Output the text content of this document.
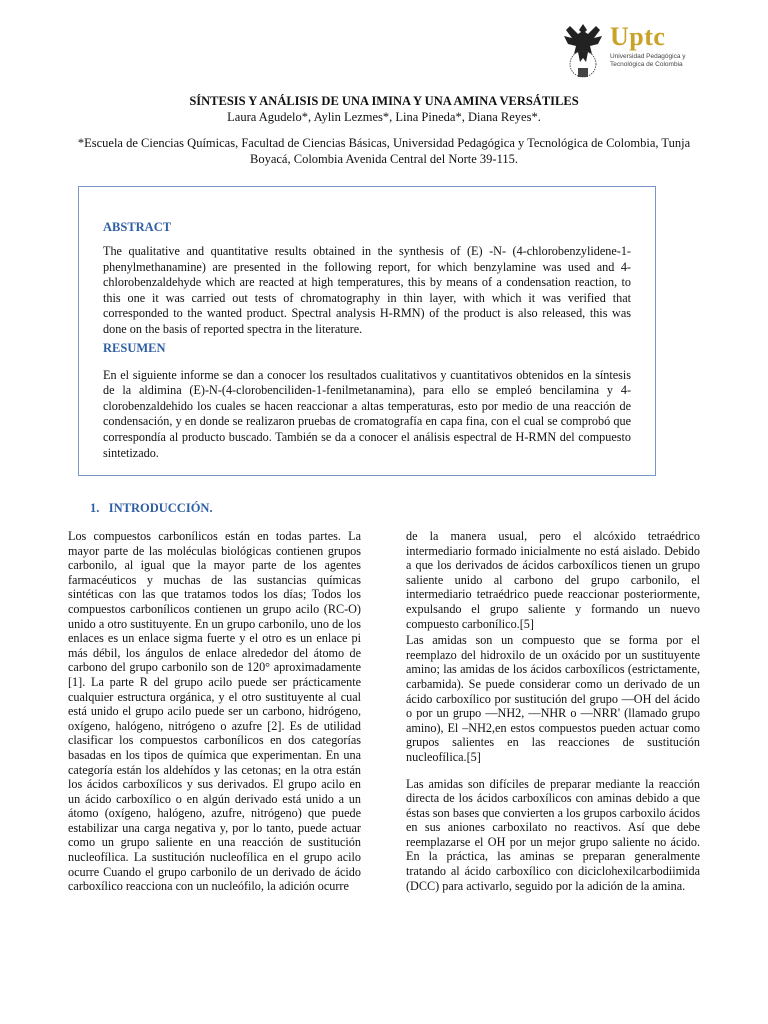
Uptc
Universidad Pedagógica y
Tecnológica de Colombia
SÍNTESIS Y ANÁLISIS DE UNA IMINA Y UNA AMINA VERSÁTILES
Laura Agudelo*, Aylin Lezmes*, Lina Pineda*, Diana Reyes*.
*Escuela de Ciencias Químicas, Facultad de Ciencias Básicas, Universidad Pedagógica y Tecnológica de Colombia, Tunja Boyacá, Colombia Avenida Central del Norte 39-115.
ABSTRACT

The qualitative and quantitative results obtained in the synthesis of (E) -N- (4-chlorobenzylidene-1-phenylmethanamine) are presented in the following report, for which benzylamine was used and 4-chlorobenzaldehyde which are reacted at high temperatures, this by means of a condensation reaction, to this one it was carried out tests of chromatography in thin layer, with which it was verified that corresponded to the wanted product. Spectral analysis H-RMN) of the product is also released, this was done on the basis of reported spectra in the literature.

RESUMEN

En el siguiente informe se dan a conocer los resultados cualitativos y cuantitativos obtenidos en la síntesis de la aldimina (E)-N-(4-clorobenciliden-1-fenilmetanamina), para ello se empleó bencilamina y 4-clorobenzaldehido los cuales se hacen reaccionar a altas temperaturas, esto por medio de una reacción de condensación, y en donde se realizaron pruebas de cromatografía en capa fina, con el cual se comprobó que correspondía al producto buscado. También se da a conocer el análisis espectral de H-RMN del compuesto sintetizado.

1.   INTRODUCCIÓN.

Los compuestos carbonílicos están en todas partes. La mayor parte de las moléculas biológicas contienen grupos carbonilo, al igual que la mayor parte de los agentes farmacéuticos y muchas de las sustancias químicas sintéticas con las que tratamos todos los días; Todos los compuestos carbonílicos contienen un grupo acilo (RC-O) unido a otro sustituyente. En un grupo carbonilo, uno de los enlaces es un enlace sigma fuerte y el otro es un enlace pi más débil, los ángulos de enlace alrededor del átomo de carbono del grupo carbonilo son de 120° aproximadamente [1]. La parte R del grupo acilo puede ser prácticamente cualquier estructura orgánica, y el otro sustituyente al cual está unido el grupo acilo puede ser un carbono, hidrógeno, oxígeno, halógeno, nitrógeno o azufre [2]. Es de utilidad clasificar los compuestos carbonílicos en dos categorías basadas en los tipos de química que experimentan. En una categoría están los aldehídos y las cetonas; en la otra están los ácidos carboxílicos y sus derivados. El grupo acilo en un ácido carboxílico o en algún derivado está unido a un átomo (oxígeno, halógeno, azufre, nitrógeno) que puede estabilizar una carga negativa y, por lo tanto, puede actuar como un grupo saliente en una reacción de sustitución nucleofílica. La sustitución nucleofílica en el grupo acilo ocurre Cuando el grupo carbonilo de un derivado de ácido carboxílico reacciona con un nucleófilo, la adición ocurre

de la manera usual, pero el alcóxido tetraédrico intermediario formado inicialmente no está aislado. Debido a que los derivados de ácidos carboxílicos tienen un grupo saliente unido al carbono del grupo carbonilo, el intermediario tetraédrico puede reaccionar posteriormente, expulsando el grupo saliente y formando un nuevo compuesto carbonílico.[5]

Las amidas son un compuesto que se forma por el reemplazo del hidroxilo de un oxácido por un sustituyente amino; las amidas de los ácidos carboxílicos (estrictamente, carbamida). Se puede considerar como un derivado de un ácido carboxílico por sustitución del grupo —OH del ácido o por un grupo —NH2, —NHR o —NRR' (llamado grupo amino), El –NH2,en estos compuestos pueden actuar como grupos salientes en las reacciones de sustitución nucleofílica.[5]

Las amidas son difíciles de preparar mediante la reacción directa de los ácidos carboxílicos con aminas debido a que éstas son bases que convierten a los grupos carboxilo ácidos en sus aniones carboxilato no reactivos. Así que debe reemplazarse el OH por un mejor grupo saliente no ácido. En la práctica, las aminas se preparan generalmente tratando al ácido carboxílico con diciclohexilcarbodiimida (DCC) para activarlo, seguido por la adición de la amina.
